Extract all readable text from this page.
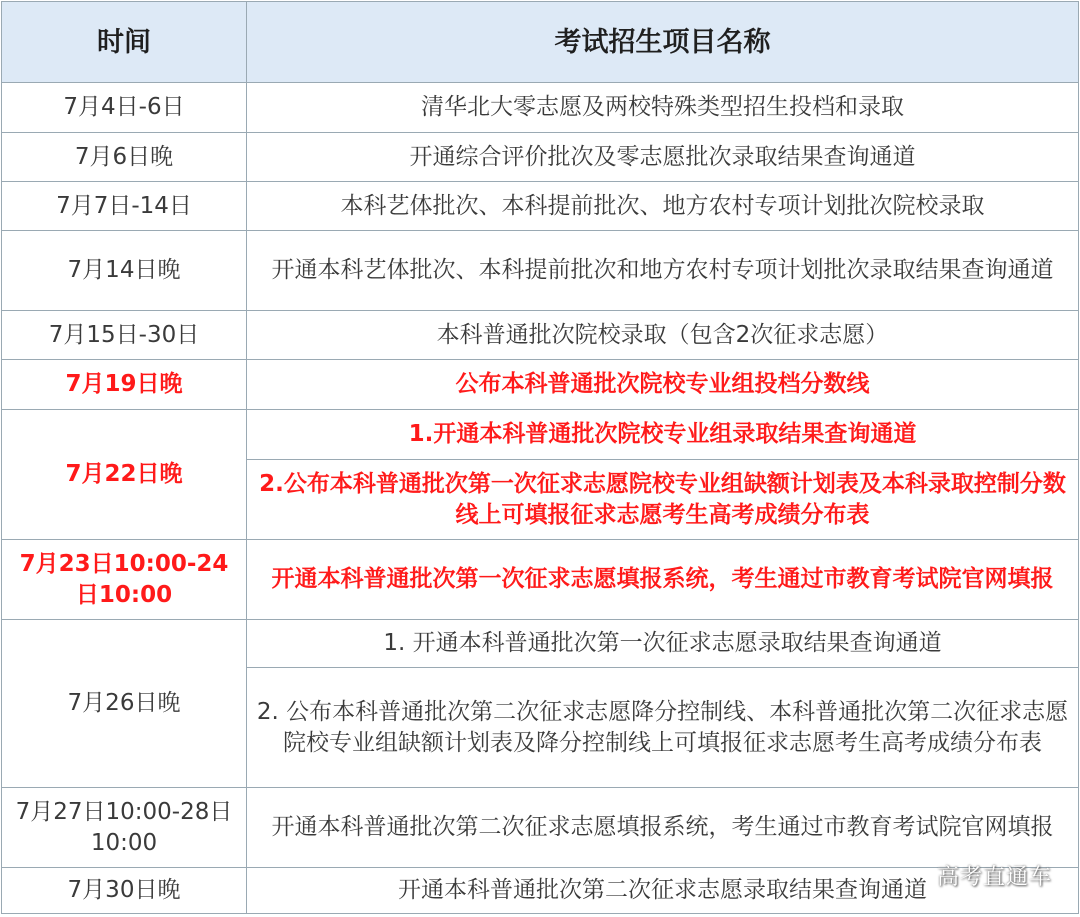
时间	考试招生项目名称
7月4日-6日	清华北大零志愿及两校特殊类型招生投档和录取
7月6日晚	开通综合评价批次及零志愿批次录取结果查询通道
7月7日-14日	本科艺体批次、本科提前批次、地方农村专项计划批次院校录取
7月14日晚	开通本科艺体批次、本科提前批次和地方农村专项计划批次录取结果查询通道
7月15日-30日	本科普通批次院校录取（包含2次征求志愿）
7月19日晚	公布本科普通批次院校专业组投档分数线
7月22日晚	1.开通本科普通批次院校专业组录取结果查询通道
	2.公布本科普通批次第一次征求志愿院校专业组缺额计划表及本科录取控制分数线上可填报征求志愿考生高考成绩分布表
7月23日10:00-24日10:00	开通本科普通批次第一次征求志愿填报系统，考生通过市教育考试院官网填报
7月26日晚	1. 开通本科普通批次第一次征求志愿录取结果查询通道
	2. 公布本科普通批次第二次征求志愿降分控制线、本科普通批次第二次征求志愿院校专业组缺额计划表及降分控制线上可填报征求志愿考生高考成绩分布表
7月27日10:00-28日10:00	开通本科普通批次第二次征求志愿填报系统，考生通过市教育考试院官网填报
7月30日晚	开通本科普通批次第二次征求志愿录取结果查询通道 高考直通车
